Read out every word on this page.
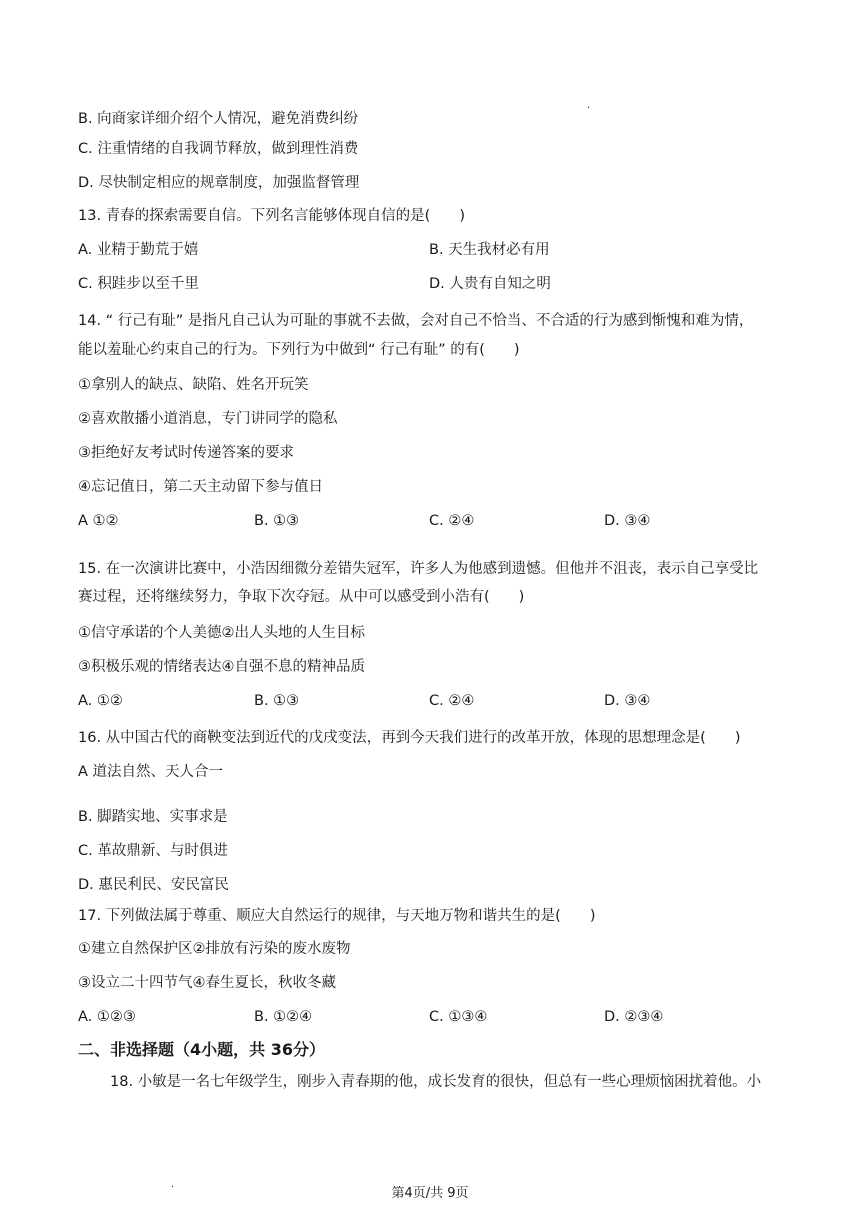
.
B. 向商家详细介绍个人情况，避免消费纠纷
C. 注重情绪的自我调节释放，做到理性消费
D. 尽快制定相应的规章制度，加强监督管理
13. 青春的探索需要自信。下列名言能够体现自信的是(　　)
A. 业精于勤荒于嬉	B. 天生我材必有用
C. 积跬步以至千里	D. 人贵有自知之明
14. “ 行己有耻” 是指凡自己认为可耻的事就不去做，会对自己不恰当、不合适的行为感到惭愧和难为情，
能以羞耻心约束自己的行为。下列行为中做到“ 行己有耻” 的有(　　)
①拿别人的缺点、缺陷、姓名开玩笑
②喜欢散播小道消息，专门讲同学的隐私
③拒绝好友考试时传递答案的要求
④忘记值日，第二天主动留下参与值日
A ①②	B. ①③	C. ②④	D. ③④
15. 在一次演讲比赛中，小浩因细微分差错失冠军，许多人为他感到遗憾。但他并不沮丧，表示自己享受比
赛过程，还将继续努力，争取下次夺冠。从中可以感受到小浩有(　　)
①信守承诺的个人美德②出人头地的人生目标
③积极乐观的情绪表达④自强不息的精神品质
A. ①②	B. ①③	C. ②④	D. ③④
16. 从中国古代的商鞅变法到近代的戊戌变法，再到今天我们进行的改革开放，体现的思想理念是(　　)
A 道法自然、天人合一
B. 脚踏实地、实事求是
C. 革故鼎新、与时俱进
D. 惠民利民、安民富民
17. 下列做法属于尊重、顺应大自然运行的规律，与天地万物和谐共生的是(　　)
①建立自然保护区②排放有污染的废水废物
③设立二十四节气④春生夏长，秋收冬藏
A. ①②③	B. ①②④	C. ①③④	D. ②③④
二、非选择题（4小题，共 36分）
18. 小敏是一名七年级学生，刚步入青春期的他，成长发育的很快，但总有一些心理烦恼困扰着他。小
.
第4页/共 9页
